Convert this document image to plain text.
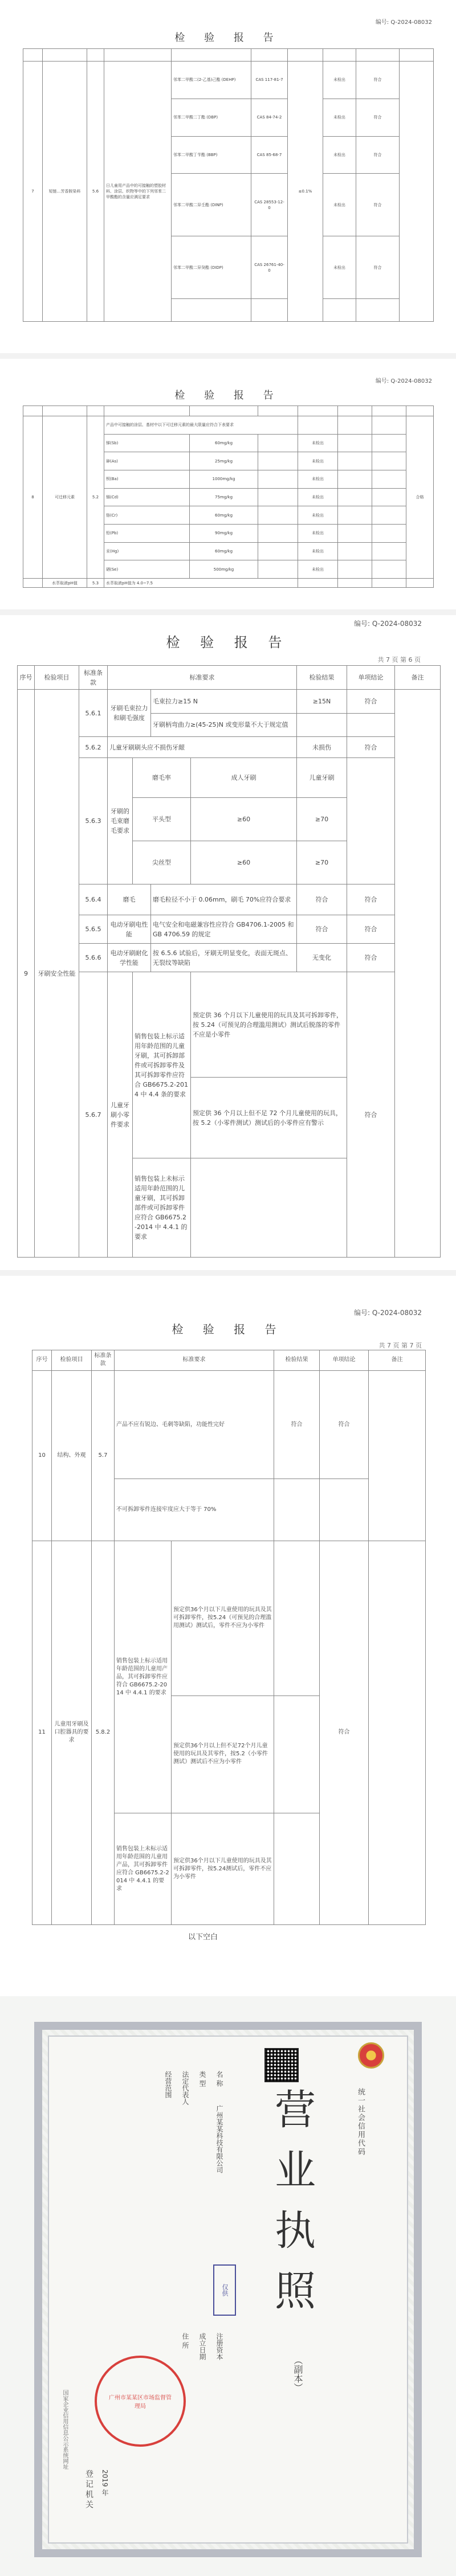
编号: Q-2024-08032
检 验 报 告

7	短链...芳香胺染料	5.6	日儿童用产品中的可接触的塑胶材料、涂层、织物等中的下列邻苯二甲酸酯的含量应满足要求	邻苯二甲酸二(2-乙基)己酯 (DEHP)	CAS 117-81-7	≤0.1%	未检出	符合	
				邻苯二甲酸二丁酯 (DBP)	CAS 84-74-2		未检出	符合	
				邻苯二甲酸丁苄酯 (BBP)	CAS 85-68-7		未检出	符合	
				邻苯二甲酸二异壬酯 (DINP)	CAS 28553-12-0		未检出	符合	
				邻苯二甲酸二异癸酯 (DIDP)	CAS 26761-40-0		未检出	符合	

编号: Q-2024-08032
检 验 报 告

8	可迁移元素	5.2	产品中可接触的涂层、基材中以下可迁移元素的最大限量应符合下表要求						合格
			锑(Sb)	60mg/kg		未检出			
			砷(As)	25mg/kg		未检出			
			钡(Ba)	1000mg/kg		未检出			
			镉(Cd)	75mg/kg		未检出			
			铬(Cr)	60mg/kg		未检出			
			铅(Pb)	90mg/kg		未检出			
			汞(Hg)	60mg/kg		未检出			
			硒(Se)	500mg/kg		未检出			
	水萃取液pH值	5.3	水萃取液pH值为 4.0~7.5						
编号: Q-2024-08032
检 验 报 告
共 7 页 第 6 页
序号	检验项目	标准条款	标准要求				检验结果	单项结论	备注
9	牙刷安全性能	5.6.1	牙刷毛束拉力和刷毛强度		毛束拉力≥15 N		≥15N	符合	
					牙刷柄弯曲力≥(45-25)N 或变形量不大于规定值				
		5.6.2	儿童牙刷刷头应不损伤牙龈				未损伤	符合	
		5.6.3	牙刷的毛束磨毛要求	磨毛率		成人牙刷	儿童牙刷		
				平头型		≥60	≥70		
				尖丝型		≥60	≥70		
		5.6.4	磨毛		磨毛粒径不小于 0.06mm，刷毛 70%应符合要求		符合	符合	
		5.6.5	电动牙刷电性能		电气安全和电磁兼容性应符合 GB4706.1-2005 和 GB 4706.59 的规定		符合	符合	
		5.6.6	电动牙刷耐化学性能		按 6.5.6 试验后，牙刷无明显变化，表面无斑点、无裂纹等缺陷		无变化	符合	
		5.6.7	儿童牙刷小零件要求	销售包装上标示适用年龄范围的儿童牙刷，其可拆卸部件或可拆卸零件及其可拆卸零件应符合 GB6675.2-2014 中 4.4 条的要求		预定供 36 个月以下儿童使用的玩具及其可拆卸零件，按 5.24（可预见的合理滥用测试）测试后脱落的零件不应是小零件		符合	
						预定供 36 个月以上但不足 72 个月儿童使用的玩具，按 5.2（小零件测试）测试后的小零件应有警示			
				销售包装上未标示适用年龄范围的儿童牙刷，其可拆卸部件或可拆卸零件应符合 GB6675.2-2014 中 4.4.1 的要求					
编号: Q-2024-08032
检 验 报 告
共 7 页 第 7 页
序号	检验项目	标准条款	标准要求		检验结果	单项结论	备注
10	结构、外观	5.7	产品不应有锐边、毛刺等缺陷，功能性完好		符合	符合	
			不可拆卸零件连接牢度应大于等于 70%				
11	儿童用牙刷及口腔器具的要求	5.8.2	销售包装上标示适用年龄范围的儿童用产品，其可拆卸零件应符合 GB6675.2-2014 中 4.4.1 的要求	预定供36个月以下儿童使用的玩具及其可拆卸零件，按5.24（可预见的合理滥用测试）测试后，零件不应为小零件		符合	
				预定供36个月以上但不足72个月儿童使用的玩具及其零件，按5.2（小零件测试）测试后不应为小零件			
			销售包装上未标示适用年龄范围的儿童用产品，其可拆卸零件应符合 GB6675.2-2014 中 4.4.1 的要求	预定供36个月以下儿童使用的玩具及其可拆卸零件，按5.24测试后，零件不应为小零件			
以下空白
统一社会信用代码
营业执照
（副本）
名 称
广州某某科技有限公司
类 型
法定代表人
经营范围
注册资本
成立日期
住 所
仅供
广州市某某区市场监督管理局
登记机关 2019 年
国家企业信用信息公示系统网址
